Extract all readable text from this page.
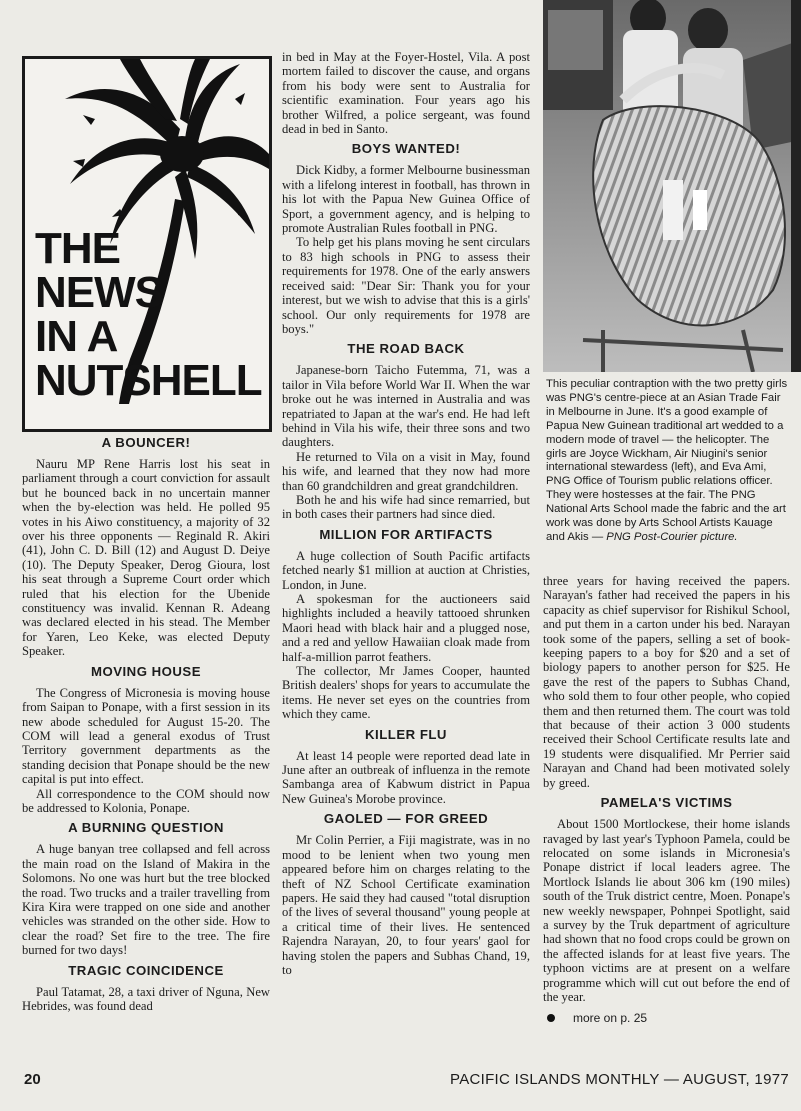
THE
NEWS
IN A
NUTSHELL
A BOUNCER!

Nauru MP Rene Harris lost his seat in parliament through a court conviction for assault but he bounced back in no uncertain manner when the by-election was held. He polled 95 votes in his Aiwo constituency, a majority of 32 over his three opponents — Reginald R. Akiri (41), John C. D. Bill (12) and August D. Deiye (10). The Deputy Speaker, Derog Gioura, lost his seat through a Supreme Court order which ruled that his election for the Ubenide constituency was invalid. Kennan R. Adeang was declared elected in his stead. The Member for Yaren, Leo Keke, was elected Deputy Speaker.

MOVING HOUSE

The Congress of Micronesia is moving house from Saipan to Ponape, with a first session in its new abode scheduled for August 15-20. The COM will lead a general exodus of Trust Territory government departments as the standing decision that Ponape should be the new capital is put into effect.

All correspondence to the COM should now be addressed to Kolonia, Ponape.

A BURNING QUESTION

A huge banyan tree collapsed and fell across the main road on the Island of Makira in the Solomons. No one was hurt but the tree blocked the road. Two trucks and a trailer travelling from Kira Kira were trapped on one side and another vehicles was stranded on the other side. How to clear the road? Set fire to the tree. The fire burned for two days!

TRAGIC COINCIDENCE

Paul Tatamat, 28, a taxi driver of Nguna, New Hebrides, was found dead

in bed in May at the Foyer-Hostel, Vila. A post mortem failed to discover the cause, and organs from his body were sent to Australia for scientific examination. Four years ago his brother Wilfred, a police sergeant, was found dead in bed in Santo.

BOYS WANTED!

Dick Kidby, a former Melbourne businessman with a lifelong interest in football, has thrown in his lot with the Papua New Guinea Office of Sport, a government agency, and is helping to promote Australian Rules football in PNG.

To help get his plans moving he sent circulars to 83 high schools in PNG to assess their requirements for 1978. One of the early answers received said: "Dear Sir: Thank you for your interest, but we wish to advise that this is a girls' school. Our only requirements for 1978 are boys."

THE ROAD BACK

Japanese-born Taicho Futemma, 71, was a tailor in Vila before World War II. When the war broke out he was interned in Australia and was repatriated to Japan at the war's end. He had left behind in Vila his wife, their three sons and two daughters.

He returned to Vila on a visit in May, found his wife, and learned that they now had more than 60 grandchildren and great grandchildren.

Both he and his wife had since remarried, but in both cases their partners had since died.

MILLION FOR ARTIFACTS

A huge collection of South Pacific artifacts fetched nearly $1 million at auction at Christies, London, in June.

A spokesman for the auctioneers said highlights included a heavily tattooed shrunken Maori head with black hair and a plugged nose, and a red and yellow Hawaiian cloak made from half-a-million parrot feathers.

The collector, Mr James Cooper, haunted British dealers' shops for years to accumulate the items. He never set eyes on the countries from which they came.

KILLER FLU

At least 14 people were reported dead late in June after an outbreak of influenza in the remote Sambanga area of Kabwum district in Papua New Guinea's Morobe province.

GAOLED — FOR GREED

Mr Colin Perrier, a Fiji magistrate, was in no mood to be lenient when two young men appeared before him on charges relating to the theft of NZ School Certificate examination papers. He said they had caused "total disruption of the lives of several thousand" young people at a critical time of their lives. He sentenced Rajendra Narayan, 20, to four years' gaol for having stolen the papers and Subhas Chand, 19, to

This peculiar contraption with the two pretty girls was PNG's centre-piece at an Asian Trade Fair in Melbourne in June. It's a good example of Papua New Guinean traditional art wedded to a modern mode of travel — the helicopter. The girls are Joyce Wickham, Air Niugini's senior international stewardess (left), and Eva Ami, PNG Office of Tourism public relations officer. They were hostesses at the fair. The PNG National Arts School made the fabric and the art work was done by Arts School Artists Kauage and Akis — PNG Post-Courier picture.

three years for having received the papers. Narayan's father had received the papers in his capacity as chief supervisor for Rishikul School, and put them in a carton under his bed. Narayan took some of the papers, selling a set of book-keeping papers to a boy for $20 and a set of biology papers to another person for $25. He gave the rest of the papers to Subhas Chand, who sold them to four other people, who copied them and then returned them. The court was told that because of their action 3 000 students received their School Certificate results late and 19 students were disqualified. Mr Perrier said Narayan and Chand had been motivated solely by greed.

PAMELA'S VICTIMS

About 1500 Mortlockese, their home islands ravaged by last year's Typhoon Pamela, could be relocated on some islands in Micronesia's Ponape district if local leaders agree. The Mortlock Islands lie about 306 km (190 miles) south of the Truk district centre, Moen. Ponape's new weekly newspaper, Pohnpei Spotlight, said a survey by the Truk department of agriculture had shown that no food crops could be grown on the affected islands for at least five years. The typhoon victims are at present on a welfare programme which will cut out before the end of the year.

more on p. 25
20	PACIFIC ISLANDS MONTHLY — AUGUST, 1977
